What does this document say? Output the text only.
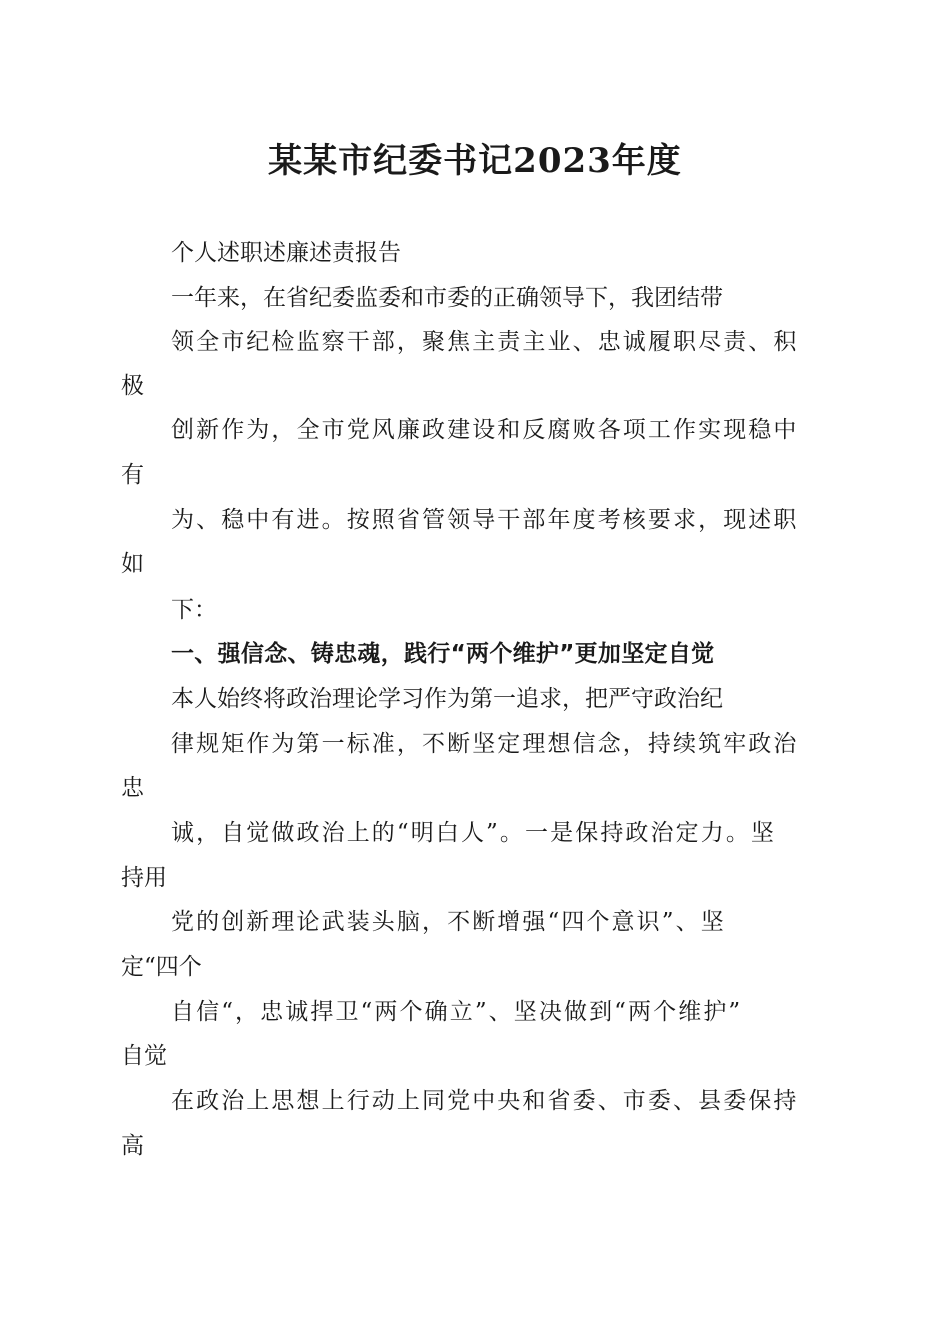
某某市纪委书记2023年度
个人述职述廉述责报告
一年来，在省纪委监委和市委的正确领导下，我团结带
领全市纪检监察干部，聚焦主责主业、忠诚履职尽责、积
极
创新作为，全市党风廉政建设和反腐败各项工作实现稳中
有
为、稳中有进。按照省管领导干部年度考核要求，现述职
如
下：
一、强信念、铸忠魂，践行“两个维护”更加坚定自觉
本人始终将政治理论学习作为第一追求，把严守政治纪
律规矩作为第一标准，不断坚定理想信念，持续筑牢政治
忠
诚，自觉做政治上的“明白人”。一是保持政治定力。坚
持用
党的创新理论武装头脑，不断增强“四个意识”、坚
定“四个
自信“，忠诚捍卫“两个确立”、坚决做到“两个维护”
自觉
在政治上思想上行动上同党中央和省委、市委、县委保持
高
